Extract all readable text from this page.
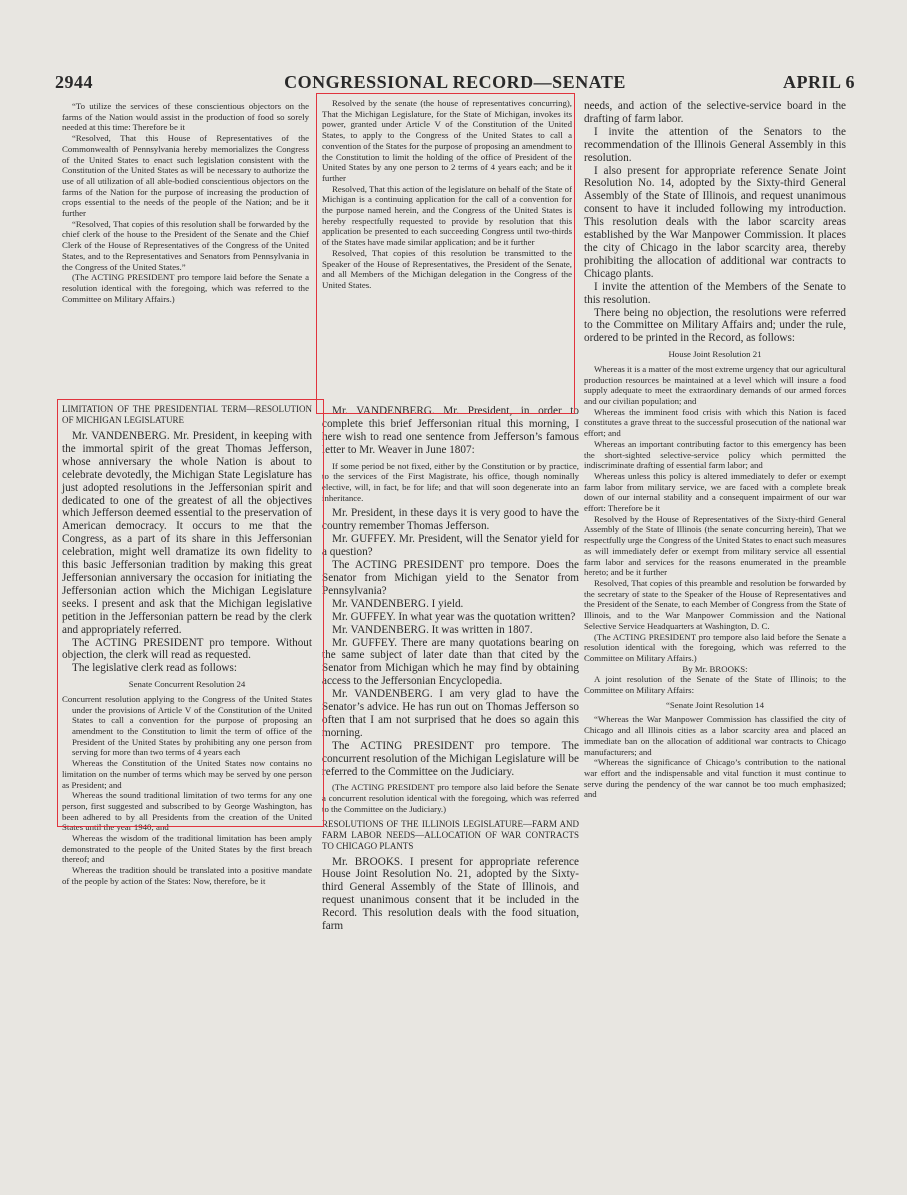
2944	CONGRESSIONAL RECORD—SENATE	APRIL 6

“To utilize the services of these conscientious objectors on the farms of the Nation would assist in the production of food so sorely needed at this time: Therefore be it

“Resolved, That this House of Representatives of the Commonwealth of Pennsylvania hereby memorializes the Congress of the United States to enact such legislation consistent with the Constitution of the United States as will be necessary to authorize the use of all utilization of all able-bodied conscientious objectors on the farms of the Nation for the purpose of increasing the production of crops essential to the needs of the people of the Nation; and be it further

“Resolved, That copies of this resolution shall be forwarded by the chief clerk of the house to the President of the Senate and the Chief Clerk of the House of Representatives of the Congress of the United States, and to the Representatives and Senators from Pennsylvania in the Congress of the United States.”

(The ACTING PRESIDENT pro tempore laid before the Senate a resolution identical with the foregoing, which was referred to the Committee on Military Affairs.)

LIMITATION OF THE PRESIDENTIAL TERM—RESOLUTION OF MICHIGAN LEGISLATURE

Mr. VANDENBERG. Mr. President, in keeping with the immortal spirit of the great Thomas Jefferson, whose anniversary the whole Nation is about to celebrate devotedly, the Michigan State Legislature has just adopted resolutions in the Jeffersonian spirit and dedicated to one of the greatest of all the objectives which Jefferson deemed essential to the preservation of American democracy. It occurs to me that the Congress, as a part of its share in this Jeffersonian celebration, might well dramatize its own fidelity to this basic Jeffersonian tradition by making this great Jeffersonian anniversary the occasion for initiating the Jeffersonian action which the Michigan Legislature seeks. I present and ask that the Michigan legislative petition in the Jeffersonian pattern be read by the clerk and appropriately referred.

The ACTING PRESIDENT pro tempore. Without objection, the clerk will read as requested.

The legislative clerk read as follows:

Senate Concurrent Resolution 24

Concurrent resolution applying to the Congress of the United States under the provisions of Article V of the Constitution of the United States to call a convention for the purpose of proposing an amendment to the Constitution to limit the term of office of the President of the United States by prohibiting any one person from serving for more than two terms of 4 years each

Whereas the Constitution of the United States now contains no limitation on the number of terms which may be served by one person as President; and

Whereas the sound traditional limitation of two terms for any one person, first suggested and subscribed to by George Washington, has been adhered to by all Presidents from the creation of the United States until the year 1940; and

Whereas the wisdom of the traditional limitation has been amply demonstrated to the people of the United States by the first breach thereof; and

Whereas the tradition should be translated into a positive mandate of the people by action of the States: Now, therefore, be it

Resolved by the senate (the house of representatives concurring), That the Michigan Legislature, for the State of Michigan, invokes its power, granted under Article V of the Constitution of the United States, to apply to the Congress of the United States to call a convention of the States for the purpose of proposing an amendment to the Constitution to limit the holding of the office of President of the United States by any one person to 2 terms of 4 years each; and be it further

Resolved, That this action of the legislature on behalf of the State of Michigan is a continuing application for the call of a convention for the purpose named herein, and the Congress of the United States is hereby respectfully requested to provide by resolution that this application be presented to each succeeding Congress until two-thirds of the States have made similar application; and be it further

Resolved, That copies of this resolution be transmitted to the Speaker of the House of Representatives, the President of the Senate, and all Members of the Michigan delegation in the Congress of the United States.

Mr. VANDENBERG. Mr. President, in order to complete this brief Jeffersonian ritual this morning, I here wish to read one sentence from Jefferson’s famous letter to Mr. Weaver in June 1807:

If some period be not fixed, either by the Constitution or by practice, to the services of the First Magistrate, his office, though nominally elective, will, in fact, be for life; and that will soon degenerate into an inheritance.

Mr. President, in these days it is very good to have the country remember Thomas Jefferson.

Mr. GUFFEY. Mr. President, will the Senator yield for a question?

The ACTING PRESIDENT pro tempore. Does the Senator from Michigan yield to the Senator from Pennsylvania?

Mr. VANDENBERG. I yield.

Mr. GUFFEY. In what year was the quotation written?

Mr. VANDENBERG. It was written in 1807.

Mr. GUFFEY. There are many quotations bearing on the same subject of later date than that cited by the Senator from Michigan which he may find by obtaining access to the Jeffersonian Encyclopedia.

Mr. VANDENBERG. I am very glad to have the Senator’s advice. He has run out on Thomas Jefferson so often that I am not surprised that he does so again this morning.

The ACTING PRESIDENT pro tempore. The concurrent resolution of the Michigan Legislature will be referred to the Committee on the Judiciary.

(The ACTING PRESIDENT pro tempore also laid before the Senate a concurrent resolution identical with the foregoing, which was referred to the Committee on the Judiciary.)

RESOLUTIONS OF THE ILLINOIS LEGISLATURE—FARM AND FARM LABOR NEEDS—ALLOCATION OF WAR CONTRACTS TO CHICAGO PLANTS

Mr. BROOKS. I present for appropriate reference House Joint Resolution No. 21, adopted by the Sixty-third General Assembly of the State of Illinois, and request unanimous consent that it be included in the Record. This resolution deals with the food situation, farm

needs, and action of the selective-service board in the drafting of farm labor.

I invite the attention of the Senators to the recommendation of the Illinois General Assembly in this resolution.

I also present for appropriate reference Senate Joint Resolution No. 14, adopted by the Sixty-third General Assembly of the State of Illinois, and request unanimous consent to have it included following my introduction. This resolution deals with the labor scarcity areas established by the War Manpower Commission. It places the city of Chicago in the labor scarcity area, thereby prohibiting the allocation of additional war contracts to Chicago plants.

I invite the attention of the Members of the Senate to this resolution.

There being no objection, the resolutions were referred to the Committee on Military Affairs and; under the rule, ordered to be printed in the Record, as follows:

House Joint Resolution 21

Whereas it is a matter of the most extreme urgency that our agricultural production resources be maintained at a level which will insure a food supply adequate to meet the extraordinary demands of our armed forces and our civilian population; and

Whereas the imminent food crisis with which this Nation is faced constitutes a grave threat to the successful prosecution of the national war effort; and

Whereas an important contributing factor to this emergency has been the short-sighted selective-service policy which permitted the indiscriminate drafting of essential farm labor; and

Whereas unless this policy is altered immediately to defer or exempt farm labor from military service, we are faced with a complete break down of our internal stability and a consequent impairment of our war effort: Therefore be it

Resolved by the House of Representatives of the Sixty-third General Assembly of the State of Illinois (the senate concurring herein), That we respectfully urge the Congress of the United States to enact such measures as will immediately defer or exempt from military service all essential farm labor and services for the reasons enumerated in the preamble hereto; and be it further

Resolved, That copies of this preamble and resolution be forwarded by the secretary of state to the Speaker of the House of Representatives and the President of the Senate, to each Member of Congress from the State of Illinois, and to the War Manpower Commission and the National Selective Service Headquarters at Washington, D. C.

(The ACTING PRESIDENT pro tempore also laid before the Senate a resolution identical with the foregoing, which was referred to the Committee on Military Affairs.)

By Mr. BROOKS:

A joint resolution of the Senate of the State of Illinois; to the Committee on Military Affairs:

“Senate Joint Resolution 14

“Whereas the War Manpower Commission has classified the city of Chicago and all Illinois cities as a labor scarcity area and placed an immediate ban on the allocation of additional war contracts to Chicago manufacturers; and

“Whereas the significance of Chicago’s contribution to the national war effort and the indispensable and vital function it must continue to serve during the pendency of the war cannot be too much emphasized; and
